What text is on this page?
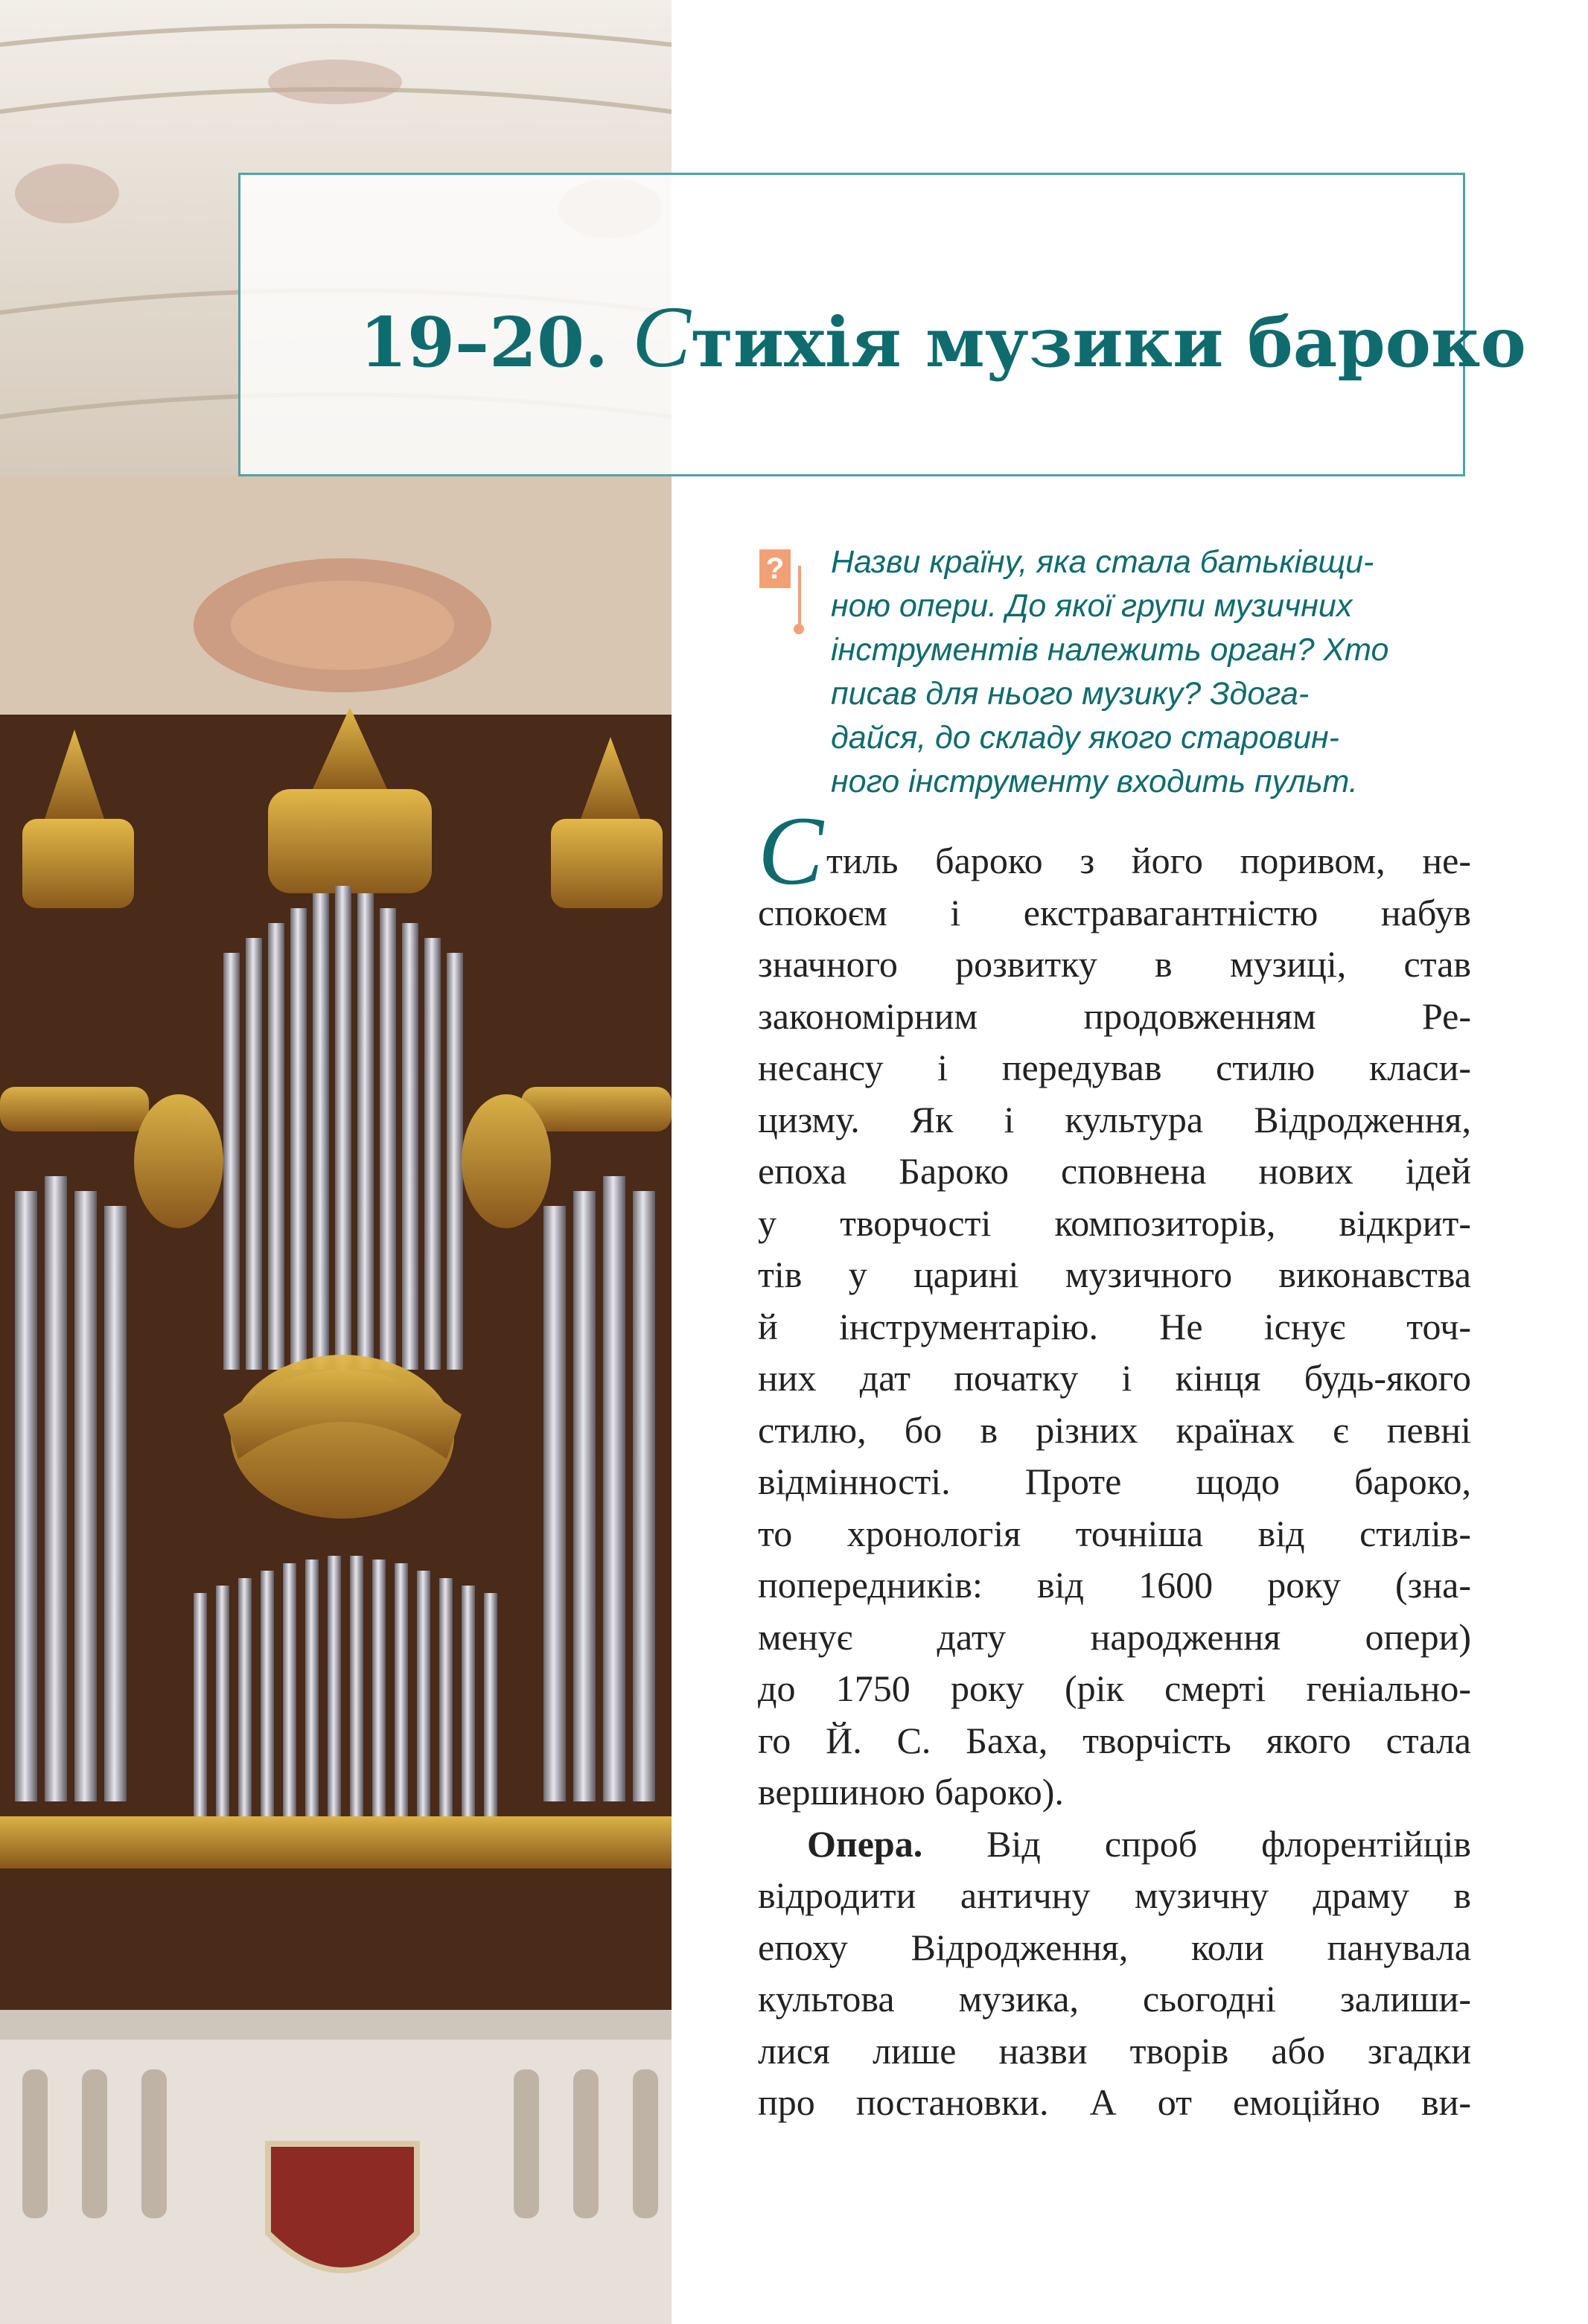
19–20. Стихія музики бароко
? Назви країну, яка стала батьківщи-
ною опери. До якої групи музичних
інструментів належить орган? Хто
писав для нього музику? Здога-
дайся, до складу якого старовин-
ного інструменту входить пульт.

Стиль бароко з його поривом, не-
спокоєм і екстравагантністю набув
значного розвитку в музиці, став
закономірним продовженням Ре-
несансу і передував стилю класи-
цизму. Як і культура Відродження,
епоха Бароко сповнена нових ідей
у творчості композиторів, відкрит-
тів у царині музичного виконавства
й інструментарію. Не існує точ-
них дат початку і кінця будь-якого
стилю, бо в різних країнах є певні
відмінності. Проте щодо бароко,
то хронологія точніша від стилів-
попередників: від 1600 року (зна-
менує дату народження опери)
до 1750 року (рік смерті геніально-
го Й. С. Баха, творчість якого стала
вершиною бароко).
Опера. Від спроб флорентійців
відродити античну музичну драму в
епоху Відродження, коли панувала
культова музика, сьогодні залиши-
лися лише назви творів або згадки
про постановки. А от емоційно ви-
